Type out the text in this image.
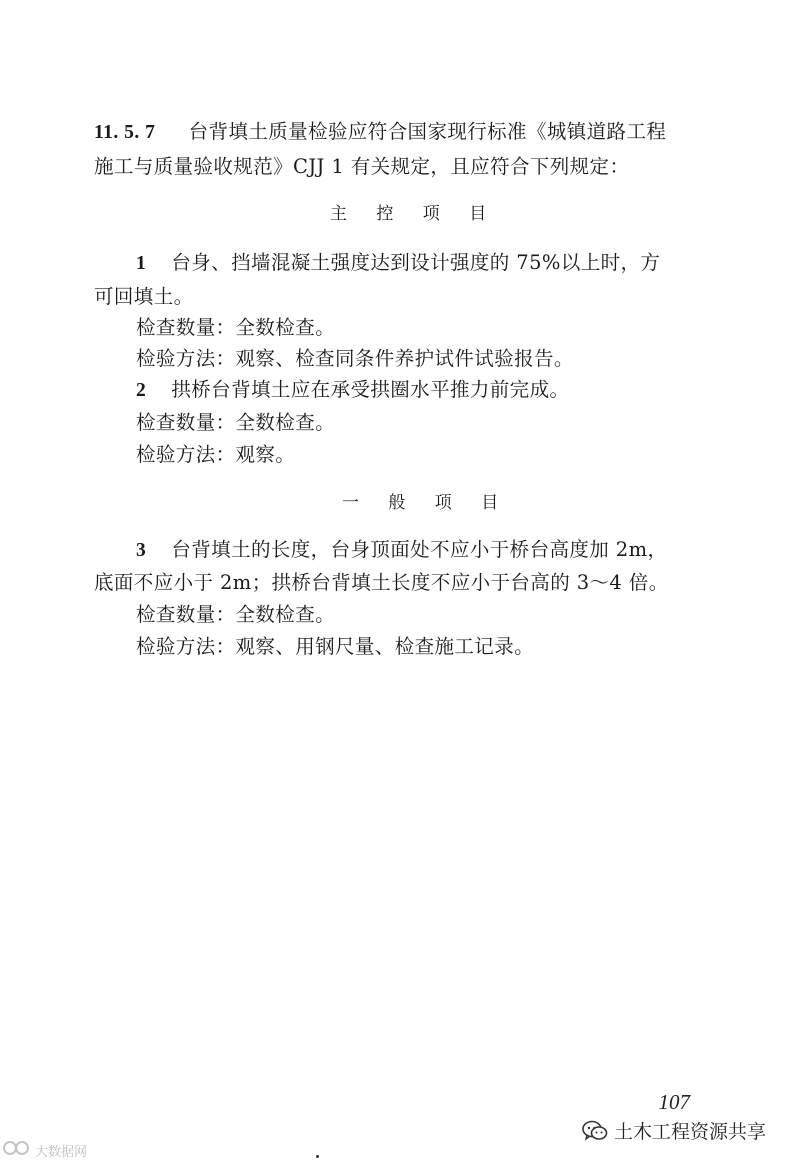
11. 5. 7 台背填土质量检验应符合国家现行标准《城镇道路工程
施工与质量验收规范》CJJ 1 有关规定，且应符合下列规定：
主 控 项 目
1 台身、挡墙混凝土强度达到设计强度的 75%以上时，方
可回填土。
检查数量：全数检查。
检验方法：观察、检查同条件养护试件试验报告。
2 拱桥台背填土应在承受拱圈水平推力前完成。
检查数量：全数检查。
检验方法：观察。
一 般 项 目
3 台背填土的长度，台身顶面处不应小于桥台高度加 2m，
底面不应小于 2m；拱桥台背填土长度不应小于台高的 3～4 倍。
检查数量：全数检查。
检验方法：观察、用钢尺量、检查施工记录。
107
土木工程资源共享
大数据网
